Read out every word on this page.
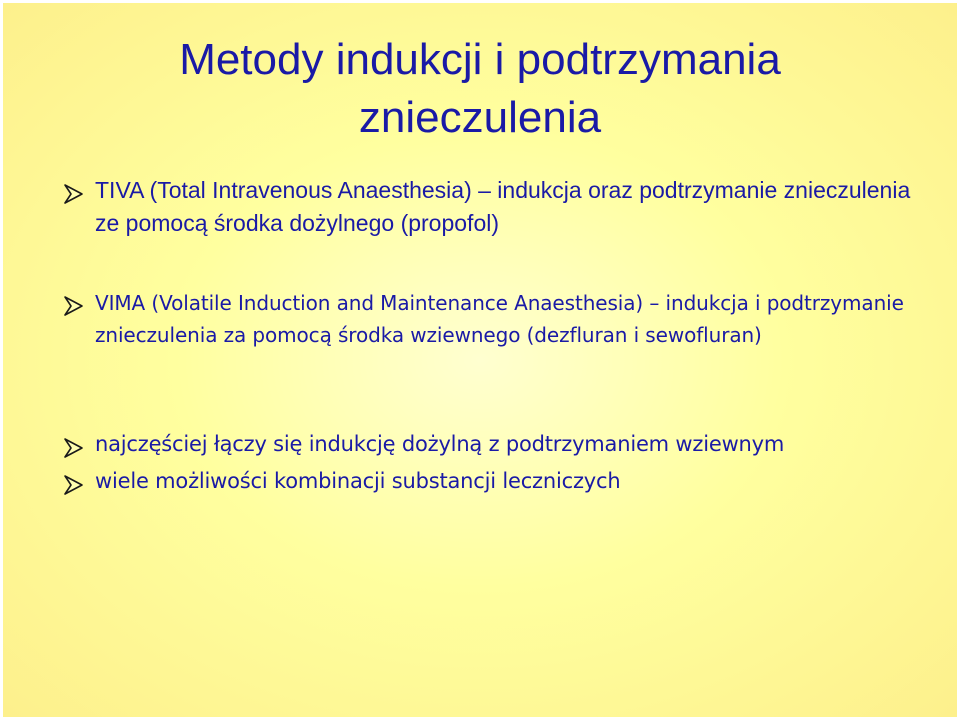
Metody indukcji i podtrzymania
znieczulenia

TIVA (Total Intravenous Anaesthesia) – indukcja oraz podtrzymanie znieczulenia ze pomocą środka dożylnego (propofol)

VIMA (Volatile Induction and Maintenance Anaesthesia) – indukcja i podtrzymanie znieczulenia za pomocą środka wziewnego (dezfluran i sewofluran)

najczęściej łączy się indukcję dożylną z podtrzymaniem wziewnym

wiele możliwości kombinacji substancji leczniczych
